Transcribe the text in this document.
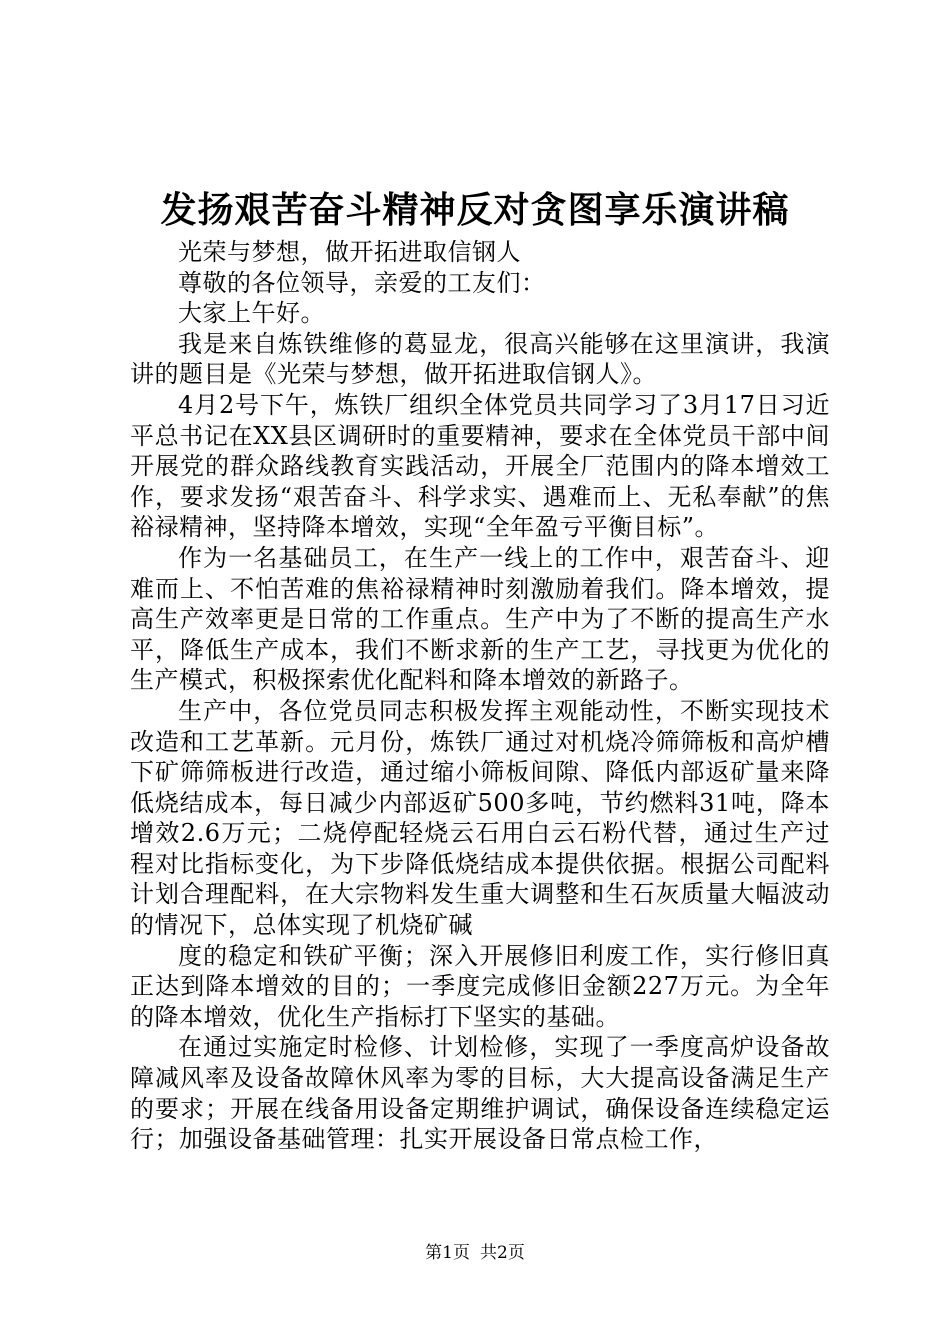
发扬艰苦奋斗精神反对贪图享乐演讲稿

光荣与梦想，做开拓进取信钢人

尊敬的各位领导，亲爱的工友们：

大家上午好。

我是来自炼铁维修的葛显龙，很高兴能够在这里演讲，我演讲的题目是《光荣与梦想，做开拓进取信钢人》。

4月2号下午，炼铁厂组织全体党员共同学习了3月17日习近平总书记在XX县区调研时的重要精神，要求在全体党员干部中间开展党的群众路线教育实践活动，开展全厂范围内的降本增效工作，要求发扬“艰苦奋斗、科学求实、遇难而上、无私奉献”的焦裕禄精神，坚持降本增效，实现“全年盈亏平衡目标”。

作为一名基础员工，在生产一线上的工作中，艰苦奋斗、迎难而上、不怕苦难的焦裕禄精神时刻激励着我们。降本增效，提高生产效率更是日常的工作重点。生产中为了不断的提高生产水平，降低生产成本，我们不断求新的生产工艺，寻找更为优化的生产模式，积极探索优化配料和降本增效的新路子。

生产中，各位党员同志积极发挥主观能动性，不断实现技术改造和工艺革新。元月份，炼铁厂通过对机烧冷筛筛板和高炉槽下矿筛筛板进行改造，通过缩小筛板间隙、降低内部返矿量来降低烧结成本，每日减少内部返矿500多吨，节约燃料31吨，降本增效2.6万元；二烧停配轻烧云石用白云石粉代替，通过生产过程对比指标变化，为下步降低烧结成本提供依据。根据公司配料计划合理配料，在大宗物料发生重大调整和生石灰质量大幅波动的情况下，总体实现了机烧矿碱

度的稳定和铁矿平衡；深入开展修旧利废工作，实行修旧真正达到降本增效的目的；一季度完成修旧金额227万元。为全年的降本增效，优化生产指标打下坚实的基础。

在通过实施定时检修、计划检修，实现了一季度高炉设备故障减风率及设备故障休风率为零的目标，大大提高设备满足生产的要求；开展在线备用设备定期维护调试，确保设备连续稳定运行；加强设备基础管理：扎实开展设备日常点检工作，

第1页 共2页
